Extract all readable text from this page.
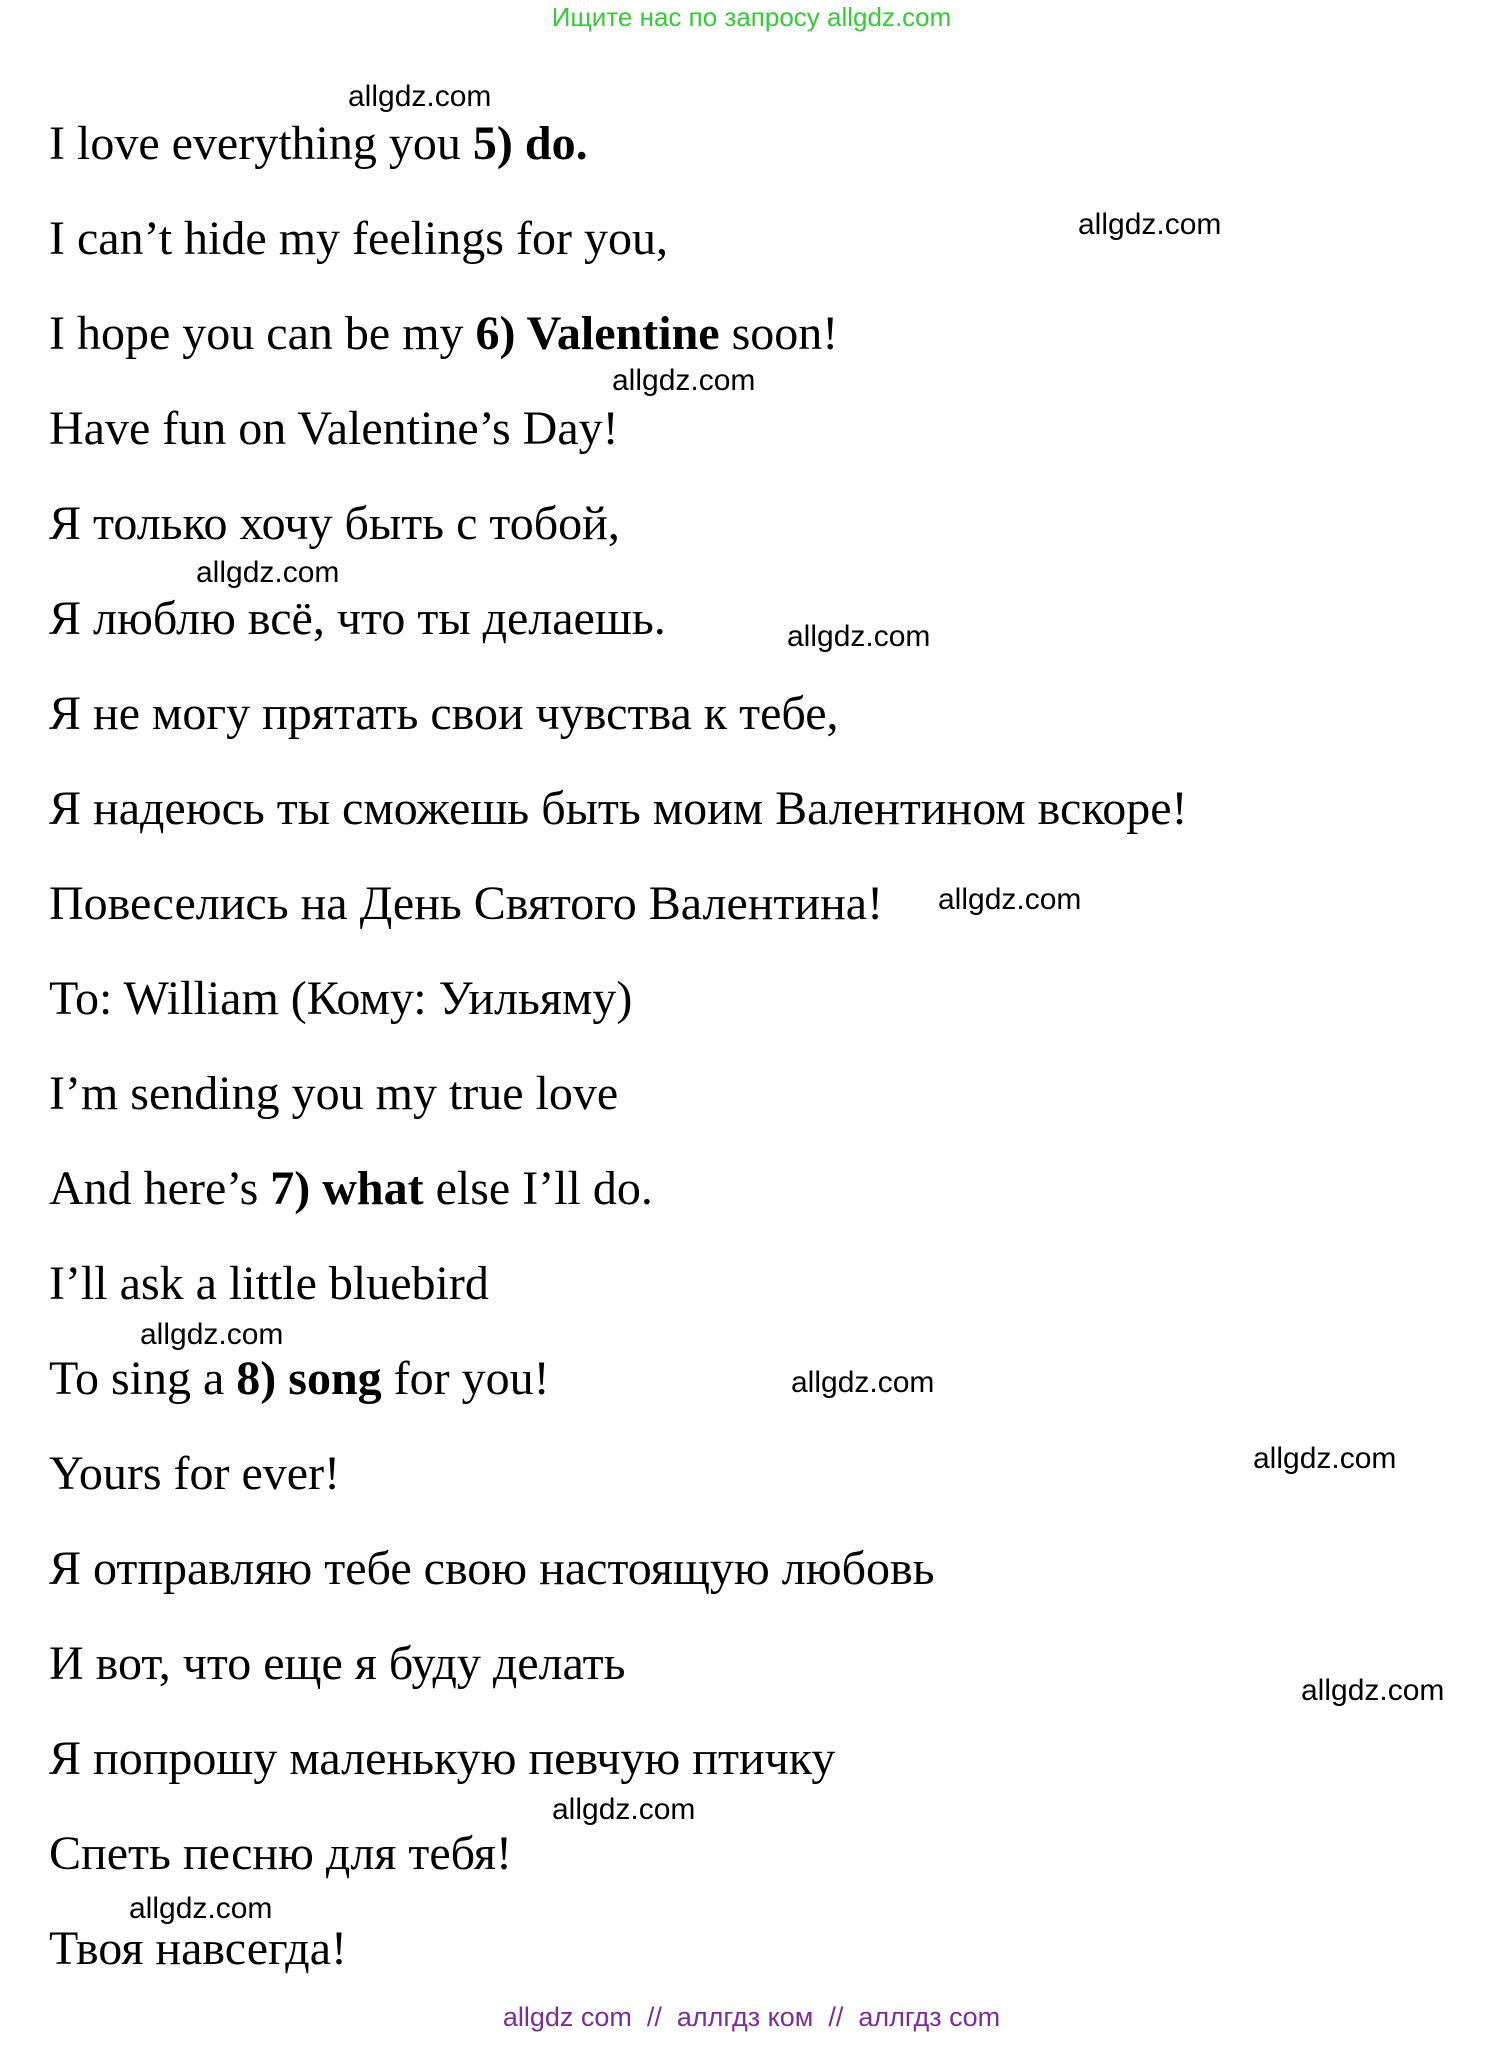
Ищите нас по запросу allgdz.com
I love everything you 5) do.
I can’t hide my feelings for you,
I hope you can be my 6) Valentine soon!
Have fun on Valentine’s Day!
Я только хочу быть с тобой,
Я люблю всё, что ты делаешь.
Я не могу прятать свои чувства к тебе,
Я надеюсь ты сможешь быть моим Валентином вскоре!
Повеселись на День Святого Валентина!
To: William (Кому: Уильяму)
I’m sending you my true love
And here’s 7) what else I’ll do.
I’ll ask a little bluebird
To sing a 8) song for you!
Yours for ever!
Я отправляю тебе свою настоящую любовь
И вот, что еще я буду делать
Я попрошу маленькую певчую птичку
Спеть песню для тебя!
Твоя навсегда!
allgdz.com
allgdz.com
allgdz.com
allgdz.com
allgdz.com
allgdz.com
allgdz.com
allgdz.com
allgdz.com
allgdz.com
allgdz.com
allgdz.com
allgdz com  //  аллгдз ком  //  аллгдз com
